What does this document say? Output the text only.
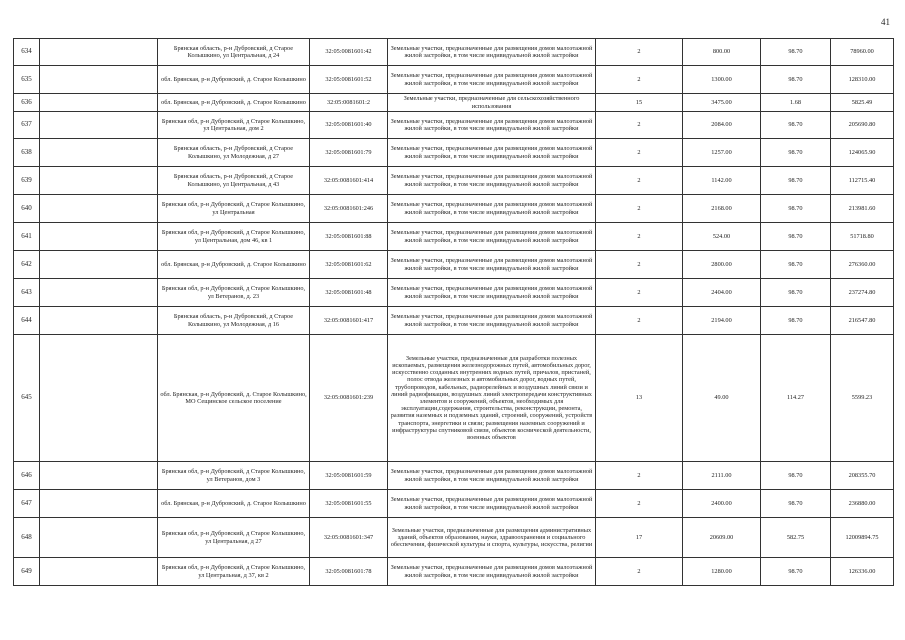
41
634		Брянская область, р-н Дубровский, д Старое Колышкино, ул Центральная, д 24	32:05:0081601:42	Земельные участки, предназначенные для размещения домов малоэтажной жилой застройки, в том числе индивидуальной жилой застройки	2	800.00	98.70	78960.00
635		обл. Брянская, р-н Дубровский, д. Старое Колышкино	32:05:0081601:52	Земельные участки, предназначенные для размещения домов малоэтажной жилой застройки, в том числе индивидуальной жилой застройки	2	1300.00	98.70	128310.00
636		обл. Брянская, р-н Дубровский, д. Старое Колышкино	32:05:0081601:2	Земельные участки, предназначенные для сельскохозяйственного использования	15	3475.00	1.68	5825.49
637		Брянская обл, р-н Дубровский, д Старое Колышкино, ул Центральная, дом 2	32:05:0081601:40	Земельные участки, предназначенные для размещения домов малоэтажной жилой застройки, в том числе индивидуальной жилой застройки	2	2084.00	98.70	205690.80
638		Брянская область, р-н Дубровский, д Старое Колышкино, ул Молодежная, д 27	32:05:0081601:79	Земельные участки, предназначенные для размещения домов малоэтажной жилой застройки, в том числе индивидуальной жилой застройки	2	1257.00	98.70	124065.90
639		Брянская область, р-н Дубровский, д Старое Колышкино, ул Центральная, д 43	32:05:0081601:414	Земельные участки, предназначенные для размещения домов малоэтажной жилой застройки, в том числе индивидуальной жилой застройки	2	1142.00	98.70	112715.40
640		Брянская обл, р-н Дубровский, д Старое Колышкино, ул Центральная	32:05:0081601:246	Земельные участки, предназначенные для размещения домов малоэтажной жилой застройки, в том числе индивидуальной жилой застройки	2	2168.00	98.70	213981.60
641		Брянская обл, р-н Дубровский, д Старое Колышкино, ул Центральная, дом 46, кв 1	32:05:0081601:88	Земельные участки, предназначенные для размещения домов малоэтажной жилой застройки, в том числе индивидуальной жилой застройки	2	524.00	98.70	51718.80
642		обл. Брянская, р-н Дубровский, д. Старое Колышкино	32:05:0081601:62	Земельные участки, предназначенные для размещения домов малоэтажной жилой застройки, в том числе индивидуальной жилой застройки	2	2800.00	98.70	276360.00
643		Брянская обл, р-н Дубровский, д Старое Колышкино, ул Ветеранов, д. 23	32:05:0081601:48	Земельные участки, предназначенные для размещения домов малоэтажной жилой застройки, в том числе индивидуальной жилой застройки	2	2404.00	98.70	237274.80
644		Брянская область, р-н Дубровский, д Старое Колышкино, ул Молодежная, д 16	32:05:0081601:417	Земельные участки, предназначенные для размещения домов малоэтажной жилой застройки, в том числе индивидуальной жилой застройки	2	2194.00	98.70	216547.80
645		обл. Брянская, р-н Дубровский, д. Старое Колышкино, МО Сещинское сельское поселение	32:05:0081601:239	Земельные участки, предназначенные для разработки полезных ископаемых, размещения железнодорожных путей, автомобильных дорог, искусственно созданных внутренних водных путей, причалов, пристаней, полос отвода железных и автомобильных дорог, водных путей, трубопроводов, кабельных, радиорелейных и воздушных линий связи и линий радиофикации, воздушных линий электропередачи конструктивных элементов и сооружений, объектов, необходимых для эксплуатации,содержания, строительства, реконструкции, ремонта, развития наземных и подземных зданий, строений, сооружений, устройств транспорта, энергетики и связи; размещения наземных сооружений и инфраструктуры спутниковой связи, объектов космической деятельности, военных объектов	13	49.00	114.27	5599.23
646		Брянская обл, р-н Дубровский, д Старое Колышкино, ул Ветеранов, дом 3	32:05:0081601:59	Земельные участки, предназначенные для размещения домов малоэтажной жилой застройки, в том числе индивидуальной жилой застройки	2	2111.00	98.70	208355.70
647		обл. Брянская, р-н Дубровский, д. Старое Колышкино	32:05:0081601:55	Земельные участки, предназначенные для размещения домов малоэтажной жилой застройки, в том числе индивидуальной жилой застройки	2	2400.00	98.70	236880.00
648		Брянская обл, р-н Дубровский, д Старое Колышкино, ул Центральная, д 27	32:05:0081601:347	Земельные участки, предназначенные для размещения административных зданий, объектов образования, науки, здравоохранения и социального обеспечения, физической культуры и спорта, культуры, искусства, религии	17	20609.00	582.75	12009894.75
649		Брянская обл, р-н Дубровский, д Старое Колышкино, ул Центральная, д 37, кв 2	32:05:0081601:78	Земельные участки, предназначенные для размещения домов малоэтажной жилой застройки, в том числе индивидуальной жилой застройки	2	1280.00	98.70	126336.00
